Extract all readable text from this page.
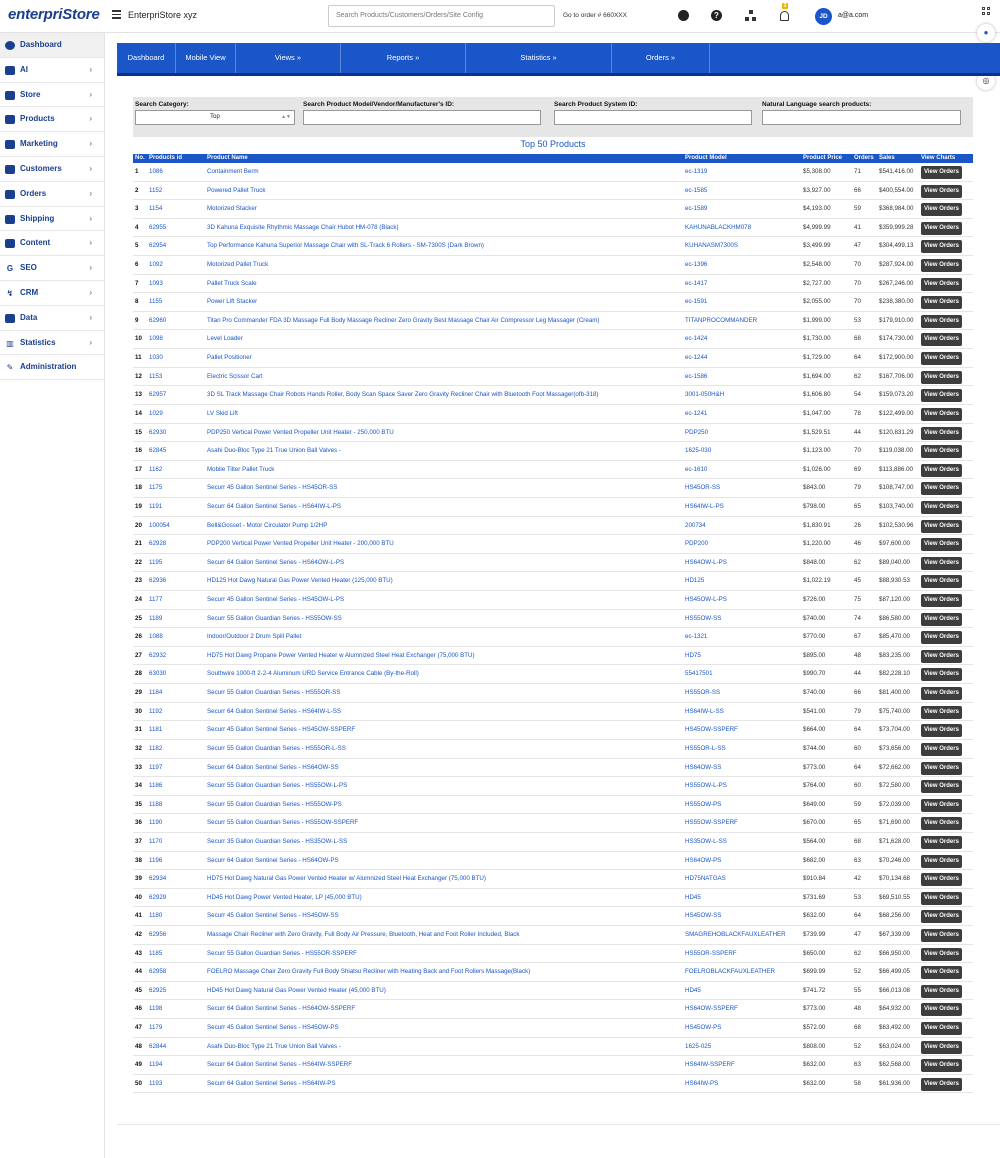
enterpriStore	EnterpriStore xyz	Search Products/Customers/Orders/Site Config	Go to order # 660XXX	?
3
JD	a@a.com
●
◎
Dashboard
AI	›
Store	›
Products	›
Marketing	›
Customers	›
Orders	›
Shipping	›
Content	›
G SEO	›
↯ CRM	›
Data	›
▥ Statistics	›
✎ Administration
Dashboard	Mobile View	Views »	Reports »	Statistics »	Orders »
Search Category:
Top	▲▼
Search Product Model/Vendor/Manufacturer's ID:	Search Product System ID:	Natural Language search products:
Top 50 Products
No. Products id	Product Name	Product Model	Product Price	Orders Sales	View Charts
1	1086	Containment Berm	ec-1319	$5,308.00	71	$541,416.00	View Orders
2	1152	Powered Pallet Truck	ec-1585	$3,927.00	66	$400,554.00	View Orders
3	1154	Motorized Stacker	ec-1589	$4,193.00	59	$368,984.00	View Orders
4	62955	3D Kahuna Exquisite Rhythmic Massage Chair Hubot HM-078 (Black)	KAHUNABLACKHM078	$4,999.99	41	$359,999.28	View Orders
5	62954	Top Performance Kahuna Superior Massage Chair with SL-Track 6 Rollers - SM-7300S (Dark Brown)	KUHANASM7300S	$3,499.99	47	$304,499.13	View Orders
6	1092	Motorized Pallet Truck	ec-1396	$2,548.00	70	$287,924.00	View Orders
7	1093	Pallet Truck Scale	ec-1417	$2,727.00	70	$267,246.00	View Orders
8	1155	Power Lift Stacker	ec-1591	$2,055.00	70	$238,380.00	View Orders
9	62960	Titan Pro Commander FDA 3D Massage Full Body Massage Recliner Zero Gravity Best Massage Chair Air Compressor Leg Massager (Cream)	TITANPROCOMMANDER	$1,999.00	53	$179,910.00	View Orders
10	1098	Level Loader	ec-1424	$1,730.00	68	$174,730.00	View Orders
11	1030	Pallet Positioner	ec-1244	$1,729.00	64	$172,900.00	View Orders
12	1153	Electric Scissor Cart	ec-1586	$1,694.00	62	$167,706.00	View Orders
13	62957	3D SL Track Massage Chair Robots Hands Roller, Body Scan Space Saver Zero Gravity Recliner Chair with Bluetooth Foot Massager(ofb-318)	3001-050H&H	$1,606.80	54	$159,073.20	View Orders
14	1029	LV Skid Lift	ec-1241	$1,047.00	78	$122,499.00	View Orders
15	62930	PDP250 Vertical Power Vented Propeller Unit Heater - 250,000 BTU	PDP250	$1,529.51	44	$120,831.29	View Orders
16	62845	Asahi Duo-Bloc Type 21 True Union Ball Valves -	1625-030	$1,123.00	70	$119,038.00	View Orders
17	1162	Mobile Tilter Pallet Truck	ec-1610	$1,026.00	69	$113,886.00	View Orders
18	1175	Securr 45 Gallon Sentinel Series - HS45OR-SS	HS45OR-SS	$843.00	79	$108,747.00	View Orders
19	1191	Securr 64 Gallon Sentinel Series - HS64IW-L-PS	HS64IW-L-PS	$798.00	65	$103,740.00	View Orders
20	100054	Bell&Gosset - Motor Circulator Pump 1/2HP	200734	$1,830.91	26	$102,530.96	View Orders
21	62928	PDP200 Vertical Power Vented Propeller Unit Heater - 200,000 BTU	PDP200	$1,220.00	46	$97,600.00	View Orders
22	1195	Securr 64 Gallon Sentinel Series - HS64OW-L-PS	HS64OW-L-PS	$848.00	62	$89,040.00	View Orders
23	62936	HD125 Hot Dawg Natural Gas Power Vented Heater (125,000 BTU)	HD125	$1,022.19	45	$88,930.53	View Orders
24	1177	Securr 45 Gallon Sentinel Series - HS45OW-L-PS	HS45OW-L-PS	$726.00	75	$87,120.00	View Orders
25	1189	Securr 55 Gallon Guardian Series - HS55OW-SS	HS55OW-SS	$740.00	74	$86,580.00	View Orders
26	1088	Indoor/Outdoor 2 Drum Spill Pallet	ec-1321	$770.00	67	$85,470.00	View Orders
27	62932	HD75 Hot Dawg Propane Power Vented Heater w Alumnized Steel Heat Exchanger (75,000 BTU)	HD75	$895.00	48	$83,235.00	View Orders
28	63030	Southwire 1000-ft 2-2-4 Aluminum URD Service Entrance Cable (By-the-Roll)	55417501	$990.70	44	$82,228.10	View Orders
29	1184	Securr 55 Gallon Guardian Series - HS55OR-SS	HS55OR-SS	$740.00	66	$81,400.00	View Orders
30	1192	Securr 64 Gallon Sentinel Series - HS64IW-L-SS	HS64IW-L-SS	$541.00	79	$75,740.00	View Orders
31	1181	Securr 45 Gallon Sentinel Series - HS45OW-SSPERF	HS45OW-SSPERF	$664.00	64	$73,704.00	View Orders
32	1182	Securr 55 Gallon Guardian Series - HS55OR-L-SS	HS55OR-L-SS	$744.00	60	$73,656.00	View Orders
33	1197	Securr 64 Gallon Sentinel Series - HS64OW-SS	HS64OW-SS	$773.00	64	$72,662.00	View Orders
34	1186	Securr 55 Gallon Guardian Series - HS55OW-L-PS	HS55OW-L-PS	$764.00	60	$72,580.00	View Orders
35	1188	Securr 55 Gallon Guardian Series - HS55OW-PS	HS55OW-PS	$649.00	59	$72,039.00	View Orders
36	1190	Securr 55 Gallon Guardian Series - HS55OW-SSPERF	HS55OW-SSPERF	$670.00	65	$71,690.00	View Orders
37	1170	Securr 35 Gallon Guardian Series - HS35OW-L-SS	HS35OW-L-SS	$564.00	68	$71,628.00	View Orders
38	1196	Securr 64 Gallon Sentinel Series - HS64OW-PS	HS64OW-PS	$682.00	63	$70,246.00	View Orders
39	62934	HD75 Hot Dawg Natural Gas Power Vented Heater w/ Alumnized Steel Heat Exchanger (75,000 BTU)	HD75NATGAS	$910.84	42	$70,134.68	View Orders
40	62929	HD45 Hot Dawg Power Vented Heater, LP (45,000 BTU)	HD45	$731.69	53	$69,510.55	View Orders
41	1180	Securr 45 Gallon Sentinel Series - HS45OW-SS	HS45OW-SS	$632.00	64	$68,256.00	View Orders
42	62956	Massage Chair Recliner with Zero Gravity, Full Body Air Pressure, Bluetooth, Heat and Foot Roller Included, Black	SMAGREHOBLACKFAUXLEATHER	$739.99	47	$67,339.09	View Orders
43	1185	Securr 55 Gallon Guardian Series - HS55OR-SSPERF	HS55OR-SSPERF	$650.00	62	$66,950.00	View Orders
44	62958	FOELRO Massage Chair Zero Gravity Full Body Shiatsu Recliner with Heating Back and Foot Rollers Massage(Black)	FOELROBLACKFAUXLEATHER	$699.99	52	$66,499.05	View Orders
45	62925	HD45 Hot Dawg Natural Gas Power Vented Heater (45,000 BTU)	HD45	$741.72	55	$66,013.08	View Orders
46	1198	Securr 64 Gallon Sentinel Series - HS64OW-SSPERF	HS64OW-SSPERF	$773.00	48	$64,932.00	View Orders
47	1179	Securr 45 Gallon Sentinel Series - HS45OW-PS	HS45OW-PS	$572.00	68	$63,492.00	View Orders
48	62844	Asahi Duo-Bloc Type 21 True Union Ball Valves -	1625-025	$808.00	52	$63,024.00	View Orders
49	1194	Securr 64 Gallon Sentinel Series - HS64IW-SSPERF	HS64IW-SSPERF	$632.00	63	$62,568.00	View Orders
50	1193	Securr 64 Gallon Sentinel Series - HS64IW-PS	HS64IW-PS	$632.00	58	$61,936.00	View Orders
